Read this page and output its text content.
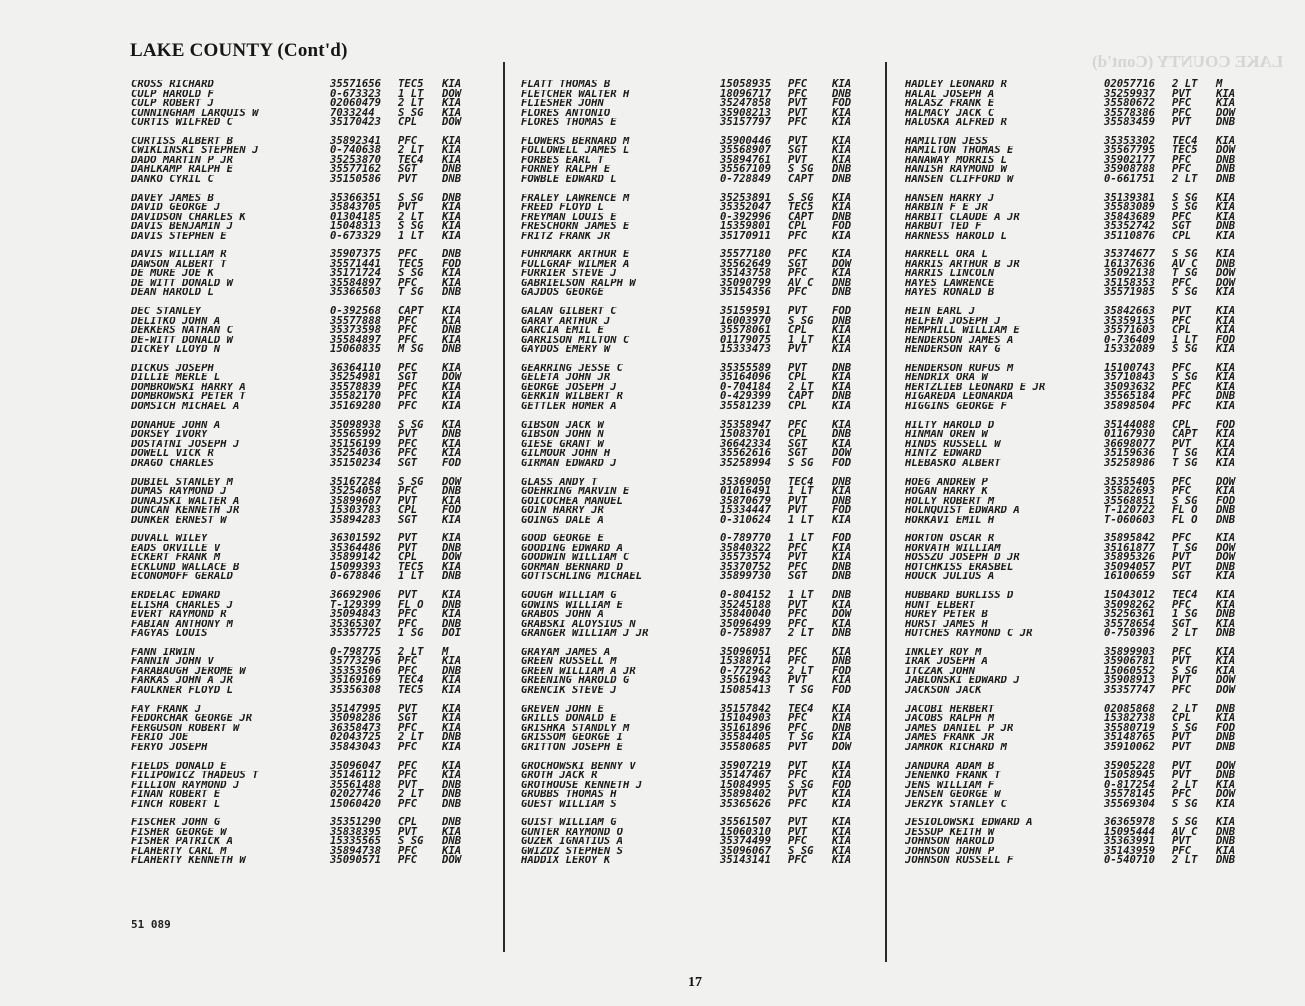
LAKE COUNTY (Cont'd)
LAKE COUNTY (Cont'd)
CROSS RICHARD	35571656	TEC5	KIA
CULP HAROLD F	0-673323	1 LT	DOW
CULP ROBERT J	02060479	2 LT	KIA
CUNNINGHAM LARQUIS W	7033244	S SG	KIA
CURTIS WILFRED C	35170423	CPL	DOW
CURTISS ALBERT B	35892341	PFC	KIA
CWIKLINSKI STEPHEN J	0-740638	2 LT	KIA
DADO MARTIN P JR	35253870	TEC4	KIA
DAHLKAMP RALPH E	35577162	SGT	DNB
DANKO CYRIL C	35150586	PVT	DNB
DAVEY JAMES B	35366351	S SG	DNB
DAVID GEORGE J	35843705	PVT	KIA
DAVIDSON CHARLES K	01304185	2 LT	KIA
DAVIS BENJAMIN J	15048313	S SG	KIA
DAVIS STEPHEN E	0-673329	1 LT	KIA
DAVIS WILLIAM R	35907375	PFC	DNB
DAWSON ALBERT T	35571441	TEC5	FOD
DE MURE JOE K	35171724	S SG	KIA
DE WITT DONALD W	35584897	PFC	KIA
DEAN HAROLD L	35366503	T SG	DNB
DEC STANLEY	0-392568	CAPT	KIA
DELITKO JOHN A	35577888	PFC	KIA
DEKKERS NATHAN C	35373598	PFC	DNB
DE-WITT DONALD W	35584897	PFC	KIA
DICKEY LLOYD N	15060835	M SG	DNB
DICKUS JOSEPH	36364110	PFC	KIA
DILLIE MERLE L	35254981	SGT	DOW
DOMBROWSKI HARRY A	35578839	PFC	KIA
DOMBROWSKI PETER T	35582170	PFC	KIA
DOMSICH MICHAEL A	35169280	PFC	KIA
DONAHUE JOHN A	35098938	S SG	KIA
DORSEY IVORY	35565992	PVT	DNB
DOSTATNI JOSEPH J	35156199	PFC	KIA
DOWELL VICK R	35254036	PFC	KIA
DRAGO CHARLES	35150234	SGT	FOD
DUBIEL STANLEY M	35167284	S SG	DOW
DUMAS RAYMOND J	35254058	PFC	DNB
DUNAJSKI WALTER A	35899607	PVT	KIA
DUNCAN KENNETH JR	15303783	CPL	FOD
DUNKER ERNEST W	35894283	SGT	KIA
DUVALL WILEY	36301592	PVT	KIA
EADS ORVILLE V	35364486	PVT	DNB
ECKERT FRANK M	35899142	CPL	DOW
ECKLUND WALLACE B	15099393	TEC5	KIA
ECONOMOFF GERALD	0-678846	1 LT	DNB
ERDELAC EDWARD	36692906	PVT	KIA
ELISHA CHARLES J	T-129399	FL O	DNB
EVERT RAYMOND R	35094843	PFC	KIA
FABIAN ANTHONY M	35365307	PFC	DNB
FAGYAS LOUIS	35357725	1 SG	DOI
FANN IRWIN	0-798775	2 LT	M
FANNIN JOHN V	35773296	PFC	KIA
FARABAUGH JEROME W	35353506	PFC	DNB
FARKAS JOHN A JR	35169169	TEC4	KIA
FAULKNER FLOYD L	35356308	TEC5	KIA
FAY FRANK J	35147995	PVT	KIA
FEDORCHAK GEORGE JR	35098286	SGT	KIA
FERGUSON ROBERT W	36358473	PFC	KIA
FERIO JOE	02043725	2 LT	DNB
FERYO JOSEPH	35843043	PFC	KIA
FIELDS DONALD E	35096047	PFC	KIA
FILIPOWICZ THADEUS T	35146112	PFC	KIA
FILLION RAYMOND J	35561488	PVT	DNB
FINAN ROBERT E	02027746	2 LT	DNB
FINCH ROBERT L	15060420	PFC	DNB
FISCHER JOHN G	35351290	CPL	DNB
FISHER GEORGE W	35838395	PVT	KIA
FISHER PATRICK A	15335565	S SG	DNB
FLAHERTY CARL M	35894738	PFC	KIA
FLAHERTY KENNETH W	35090571	PFC	DOW
FLATT THOMAS B	15058935	PFC	KIA
FLETCHER WALTER H	18096717	PFC	DNB
FLIESHER JOHN	35247858	PVT	FOD
FLORES ANTONIO	35908213	PVT	KIA
FLORES THOMAS E	35157797	PFC	KIA
FLOWERS BERNARD M	35900446	PVT	KIA
FOLLOWELL JAMES L	35568907	SGT	KIA
FORBES EARL T	35894761	PVT	KIA
FORNEY RALPH E	35567109	S SG	DNB
FOWBLE EDWARD L	0-728849	CAPT	DNB
FRALEY LAWRENCE M	35253891	S SG	KIA
FREED FLOYD L	35352047	TEC5	KIA
FREYMAN LOUIS E	0-392996	CAPT	DNB
FRESCHORN JAMES E	15359801	CPL	FOD
FRITZ FRANK JR	35170911	PFC	KIA
FUHRMARK ARTHUR E	35577180	PFC	KIA
FULLGRAF WILMER A	35562649	SGT	DOW
FURRIER STEVE J	35143758	PFC	KIA
GABRIELSON RALPH W	35090799	AV C	DNB
GAJDOS GEORGE	35154356	PFC	DNB
GALAN GILBERT C	35159591	PVT	FOD
GARAY ARTHUR J	16003970	S SG	DNB
GARCIA EMIL E	35578061	CPL	KIA
GARRISON MILTON C	01179075	1 LT	KIA
GAYDOS EMERY W	15333473	PVT	KIA
GEARRING JESSE C	35355589	PVT	DNB
GELETA JOHN JR	35164096	CPL	KIA
GEORGE JOSEPH J	0-704184	2 LT	KIA
GERKIN WILBERT R	0-429399	CAPT	DNB
GETTLER HOMER A	35581239	CPL	KIA
GIBSON JACK W	35358947	PFC	KIA
GIBSON JOHN N	15083701	CPL	DNB
GIESE GRANT W	36642334	SGT	KIA
GILMOUR JOHN H	35562616	SGT	DOW
GIRMAN EDWARD J	35258994	S SG	FOD
GLASS ANDY T	35369050	TEC4	DNB
GOEHRING MARVIN E	01016491	1 LT	KIA
GOICOCHEA MANUEL	35870679	PVT	DNB
GOIN HARRY JR	15334447	PVT	FOD
GOINGS DALE A	0-310624	1 LT	KIA
GOOD GEORGE E	0-789770	1 LT	FOD
GOODING EDWARD A	35840322	PFC	KIA
GOODWIN WILLIAM C	35573574	PVT	KIA
GORMAN BERNARD D	35370752	PFC	DNB
GOTTSCHLING MICHAEL	35899730	SGT	DNB
GOUGH WILLIAM G	0-804152	1 LT	DNB
GOWINS WILLIAM E	35245188	PVT	KIA
GRABOS JOHN A	35840040	PFC	DOW
GRABSKI ALOYSIUS N	35096499	PFC	KIA
GRANGER WILLIAM J JR	0-758987	2 LT	DNB
GRAYAM JAMES A	35096051	PFC	KIA
GREEN RUSSELL M	15388714	PFC	DNB
GREEN WILLIAM A JR	0-772962	2 LT	FOD
GREENING HAROLD G	35561943	PVT	KIA
GRENCIK STEVE J	15085413	T SG	FOD
GREVEN JOHN E	35157842	TEC4	KIA
GRILLS DONALD E	15104903	PFC	KIA
GRISHKA STANDLY M	35161896	PFC	DNB
GRISSOM GEORGE I	35584405	T SG	KIA
GRITTON JOSEPH E	35580685	PVT	DOW
GROCHOWSKI BENNY V	35907219	PVT	KIA
GROTH JACK R	35147467	PFC	KIA
GROTHOUSE KENNETH J	15084995	S SG	FOD
GRUBBS THOMAS H	35898402	PVT	KIA
GUEST WILLIAM S	35365626	PFC	KIA
GUIST WILLIAM G	35561507	PVT	KIA
GUNTER RAYMOND O	15060310	PVT	KIA
GUZEK IGNATIUS A	35374499	PFC	KIA
GWIZDZ STEPHEN S	35096067	S SG	KIA
HADDIX LEROY K	35143141	PFC	KIA
HADLEY LEONARD R	02057716	2 LT	M
HALAL JOSEPH A	35259937	PVT	KIA
HALASZ FRANK E	35580672	PFC	KIA
HALMACY JACK C	35578386	PFC	DOW
HALUSKA ALFRED R	35583459	PVT	DNB
HAMILTON JESS	35353302	TEC4	KIA
HAMILTON THOMAS E	35567795	TEC5	DOW
HANAWAY MORRIS L	35902177	PFC	DNB
HANISH RAYMOND W	35908788	PFC	DNB
HANSEN CLIFFORD W	0-661751	2 LT	DNB
HANSEN HARRY J	35139381	S SG	KIA
HARBIN F E JR	35583089	S SG	KIA
HARBIT CLAUDE A JR	35843689	PFC	KIA
HARBUT TED F	35352742	SGT	DNB
HARNESS HAROLD L	35110876	CPL	KIA
HARRELL ORA L	35374677	S SG	KIA
HARRIS ARTHUR B JR	16137636	AV C	DNB
HARRIS LINCOLN	35092138	T SG	DOW
HAYES LAWRENCE	35158353	PFC	DOW
HAYES RONALD B	35571985	S SG	KIA
HEIN EARL J	35842663	PVT	KIA
HELFEN JOSEPH J	35359135	PFC	KIA
HEMPHILL WILLIAM E	35571603	CPL	KIA
HENDERSON JAMES A	0-736409	1 LT	FOD
HENDERSON RAY G	15332089	S SG	KIA
HENDERSON RUFUS M	15100743	PFC	KIA
HENDRIX ORA W	35710843	S SG	KIA
HERTZLIEB LEONARD E JR	35093632	PFC	KIA
HIGAREDA LEONARDA	35565184	PFC	DNB
HIGGINS GEORGE F	35898504	PFC	KIA
HILTY HAROLD D	35144088	CPL	FOD
HINMAN OREN W	01167930	CAPT	KIA
HINDS RUSSELL W	36698077	PVT	KIA
HINTZ EDWARD	35159636	T SG	KIA
HLEBASKO ALBERT	35258986	T SG	KIA
HOEG ANDREW P	35355405	PFC	DOW
HOGAN HARRY K	35582693	PFC	KIA
HOLLY ROBERT M	35568851	S SG	FOD
HOLNQUIST EDWARD A	T-120722	FL O	DNB
HORKAVI EMIL H	T-060603	FL O	DNB
HORTON OSCAR R	35895842	PFC	KIA
HORVATH WILLIAM	35161877	T SG	DOW
HOSSZU JOSEPH D JR	35895326	PVT	DOW
HOTCHKISS ERASBEL	35094057	PVT	DNB
HOUCK JULIUS A	16100659	SGT	KIA
HUBBARD BURLISS D	15043012	TEC4	KIA
HUNT ELBERT	35098262	PFC	KIA
HUREY PETER B	35256361	1 SG	DNB
HURST JAMES H	35578654	SGT	KIA
HUTCHES RAYMOND C JR	0-750396	2 LT	DNB
INKLEY ROY M	35899903	PFC	KIA
IRAK JOSEPH A	35906781	PVT	KIA
ITCZAK JOHN	15060552	S SG	KIA
JABLONSKI EDWARD J	35908913	PVT	DOW
JACKSON JACK	35357747	PFC	DOW
JACOBI HERBERT	02085868	2 LT	DNB
JACOBS RALPH M	15382738	CPL	KIA
JAMES DANIEL P JR	35580719	S SG	FOD
JAMES FRANK JR	35148765	PVT	DNB
JAMROK RICHARD M	35910062	PVT	DNB
JANDURA ADAM B	35905228	PVT	DOW
JENENKO FRANK T	15058945	PVT	DNB
JENS WILLIAM F	0-817254	2 LT	KIA
JENSEN GEORGE W	35578145	PFC	DOW
JERZYK STANLEY C	35569304	S SG	KIA
JESIOLOWSKI EDWARD A	36365978	S SG	KIA
JESSUP KEITH W	15095444	AV C	DNB
JOHNSON HAROLD	35363991	PVT	DNB
JOHNSON JOHN P	35143959	PFC	KIA
JOHNSON RUSSELL F	0-540710	2 LT	DNB
51 089
17
